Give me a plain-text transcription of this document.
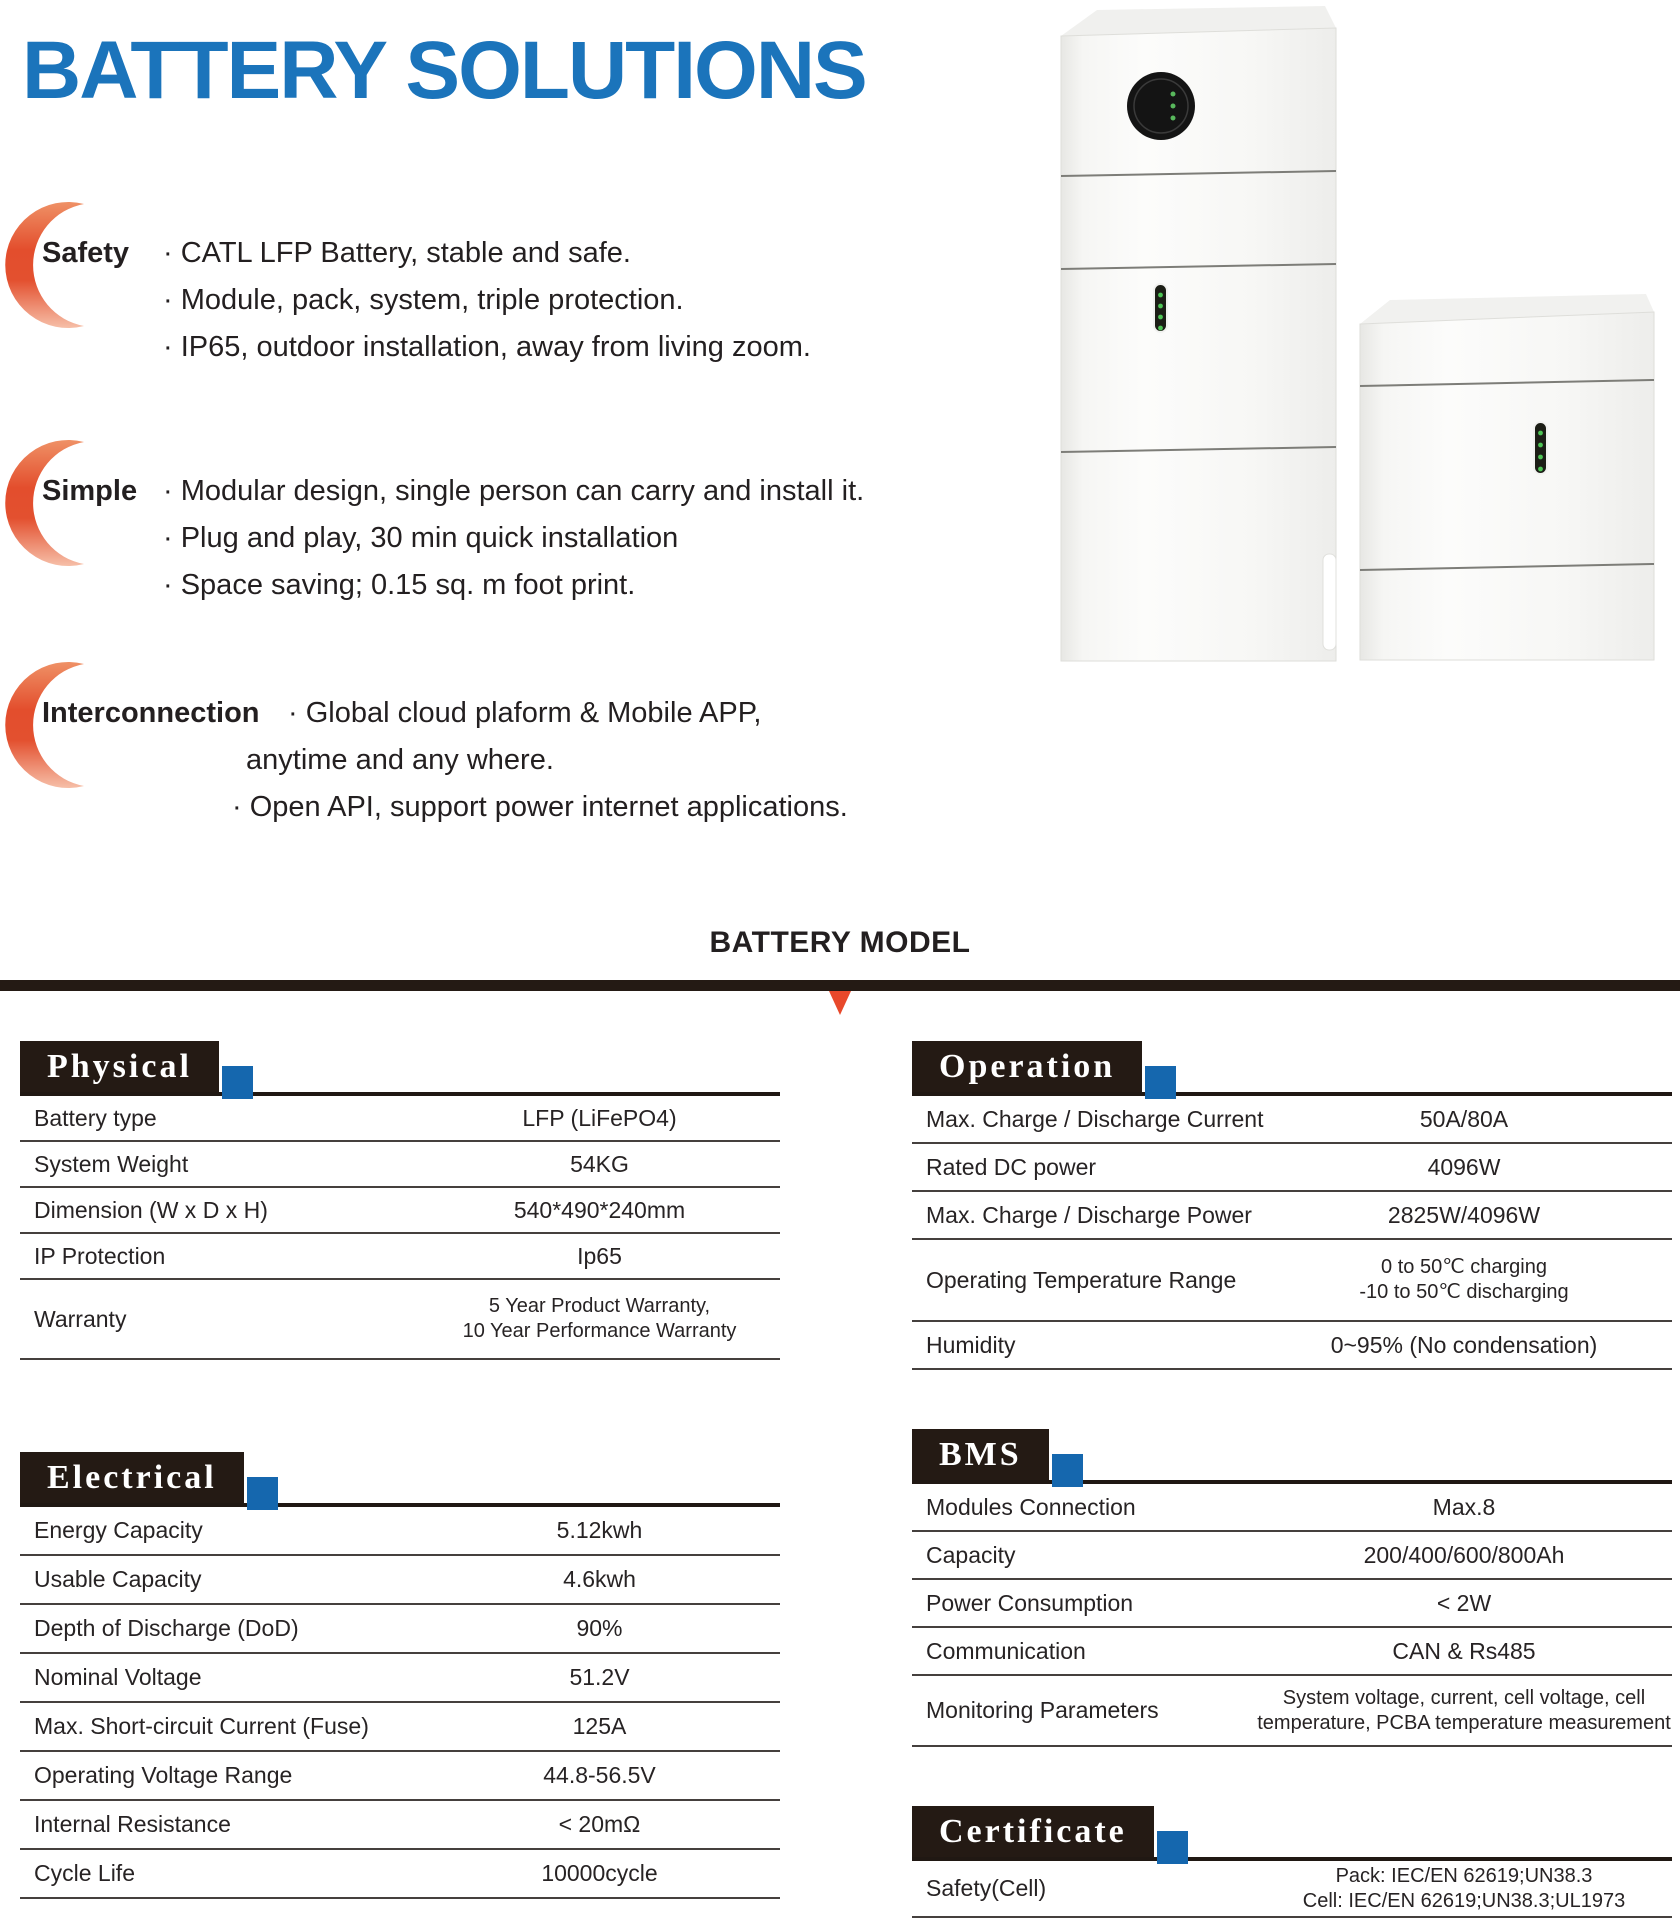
BATTERY SOLUTIONS
Safety	· CATL LFP Battery, stable and safe.
· Module, pack, system, triple protection.
· IP65, outdoor installation, away from living zoom.
Simple · Modular design, single person can carry and install it.
· Plug and play, 30 min quick installation
· Space saving; 0.15 sq. m foot print.
Interconnection · Global cloud plaform & Mobile APP,
anytime and any where.
· Open API, support power internet applications.
BATTERY MODEL
Physical
Battery type	LFP (LiFePO4)
System Weight	54KG
Dimension (W x D x H)	540*490*240mm
IP Protection	Ip65
Warranty	5 Year Product Warranty,
10 Year Performance Warranty
Electrical
Energy Capacity	5.12kwh
Usable Capacity	4.6kwh
Depth of Discharge (DoD)	90%
Nominal Voltage	51.2V
Max. Short-circuit Current (Fuse)	125A
Operating Voltage Range	44.8-56.5V
Internal Resistance	< 20mΩ
Cycle Life	10000cycle
Operation
Max. Charge / Discharge Current	50A/80A
Rated DC power	4096W
Max. Charge / Discharge Power	2825W/4096W
Operating Temperature Range	0 to 50℃ charging
-10 to 50℃ discharging
Humidity	0~95% (No condensation)
BMS
Modules Connection	Max.8
Capacity	200/400/600/800Ah
Power Consumption	< 2W
Communication	CAN & Rs485
Monitoring Parameters	System voltage, current, cell voltage, cell
temperature, PCBA temperature measurement
Certificate
Safety(Cell)	Pack: IEC/EN 62619;UN38.3
Cell: IEC/EN 62619;UN38.3;UL1973
